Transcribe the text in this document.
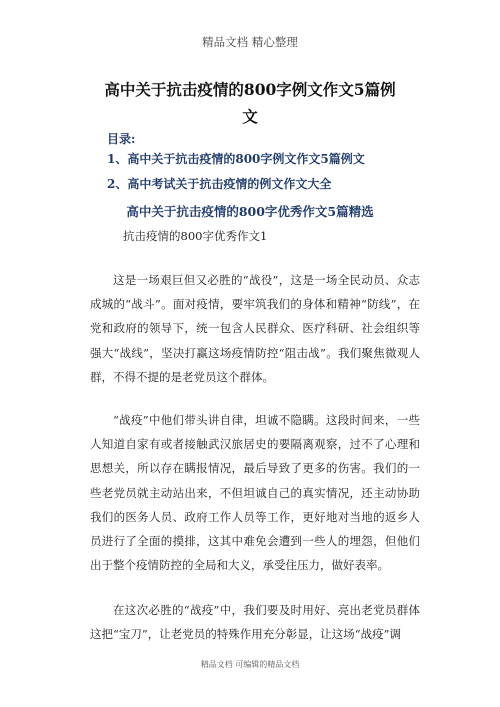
精品文档 精心整理
高中关于抗击疫情的800字例文作文5篇例
文
目录:
1、高中关于抗击疫情的800字例文作文5篇例文
2、高中考试关于抗击疫情的例文作文大全
高中关于抗击疫情的800字优秀作文5篇精选
抗击疫情的800字优秀作文1

这是一场艰巨但又必胜的“战役”，这是一场全民动员、众志成城的“战斗”。面对疫情，要牢筑我们的身体和精神“防线”，在党和政府的领导下，统一包含人民群众、医疗科研、社会组织等强大“战线”，坚决打赢这场疫情防控“阻击战”。我们聚焦微观人群，不得不提的是老党员这个群体。

“战疫”中他们带头讲自律，坦诚不隐瞒。这段时间来，一些人知道自家有或者接触武汉旅居史的要隔离观察，过不了心理和思想关，所以存在瞒报情况，最后导致了更多的伤害。我们的一些老党员就主动站出来，不但坦诚自己的真实情况，还主动协助我们的医务人员、政府工作人员等工作，更好地对当地的返乡人员进行了全面的摸排，这其中难免会遭到一些人的埋怨，但他们出于整个疫情防控的全局和大义，承受住压力，做好表率。

在这次必胜的“战疫”中，我们要及时用好、亮出老党员群体这把“宝刀”，让老党员的特殊作用充分彰显，让这场“战疫”调

精品文档 可编辑的精品文档
